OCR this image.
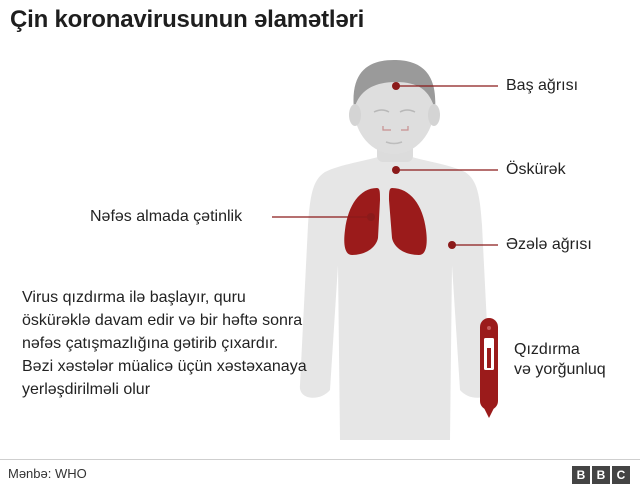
Çin koronavirusunun əlamətləri
Baş ağrısı
Öskürək
Nəfəs almada çətinlik
Əzələ ağrısı
Qızdırma
və yorğunluq
Virus qızdırma ilə başlayır, quru öskürəklə davam edir və bir həftə sonra nəfəs çatışmazlığına gətirib çıxardır. Bəzi xəstələr müalicə üçün xəstəxanaya yerləşdirilməli olur
Mənbə: WHO	B B C
